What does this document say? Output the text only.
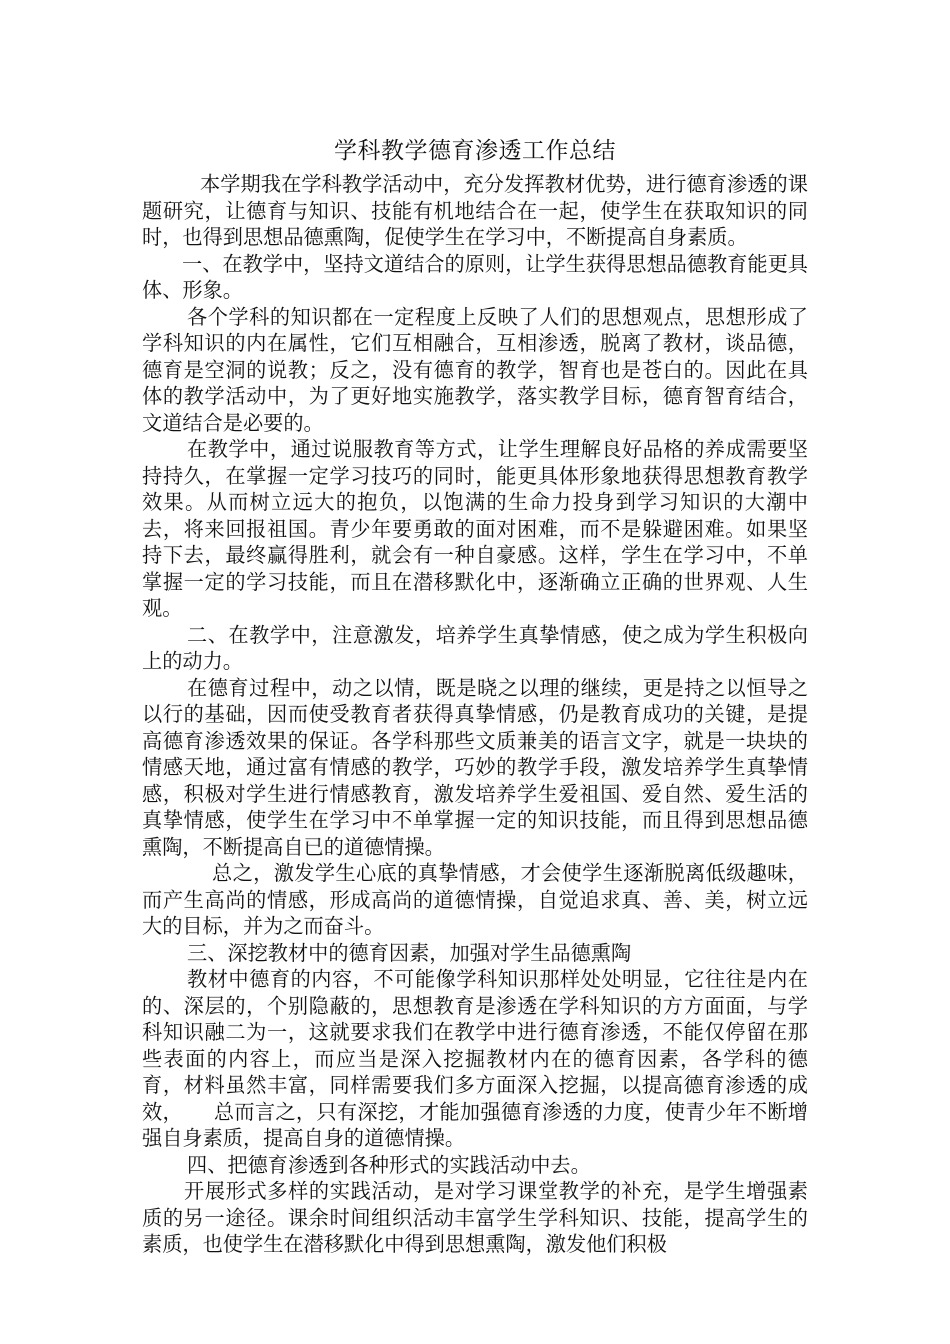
学科教学德育渗透工作总结

本学期我在学科教学活动中，充分发挥教材优势，进行德育渗透的课题研究，让德育与知识、技能有机地结合在一起，使学生在获取知识的同时，也得到思想品德熏陶，促使学生在学习中，不断提高自身素质。

一、在教学中，坚持文道结合的原则，让学生获得思想品德教育能更具体、形象。

各个学科的知识都在一定程度上反映了人们的思想观点，思想形成了学科知识的内在属性，它们互相融合，互相渗透，脱离了教材，谈品德，德育是空洞的说教；反之，没有德育的教学，智育也是苍白的。因此在具体的教学活动中，为了更好地实施教学，落实教学目标，德育智育结合，文道结合是必要的。

在教学中，通过说服教育等方式，让学生理解良好品格的养成需要坚持持久，在掌握一定学习技巧的同时，能更具体形象地获得思想教育教学效果。从而树立远大的抱负，以饱满的生命力投身到学习知识的大潮中去，将来回报祖国。青少年要勇敢的面对困难，而不是躲避困难。如果坚持下去，最终赢得胜利，就会有一种自豪感。这样，学生在学习中，不单掌握一定的学习技能，而且在潜移默化中，逐渐确立正确的世界观、人生观。

二、在教学中，注意激发，培养学生真挚情感，使之成为学生积极向上的动力。

在德育过程中，动之以情，既是晓之以理的继续，更是持之以恒导之以行的基础，因而使受教育者获得真挚情感，仍是教育成功的关键，是提高德育渗透效果的保证。各学科那些文质兼美的语言文字，就是一块块的情感天地，通过富有情感的教学，巧妙的教学手段，激发培养学生真挚情感，积极对学生进行情感教育，激发培养学生爱祖国、爱自然、爱生活的真挚情感，使学生在学习中不单掌握一定的知识技能，而且得到思想品德熏陶，不断提高自已的道德情操。

总之，激发学生心底的真挚情感，才会使学生逐渐脱离低级趣味，而产生高尚的情感，形成高尚的道德情操，自觉追求真、善、美，树立远大的目标，并为之而奋斗。

三、深挖教材中的德育因素，加强对学生品德熏陶

教材中德育的内容，不可能像学科知识那样处处明显，它往往是内在的、深层的，个别隐蔽的，思想教育是渗透在学科知识的方方面面，与学科知识融二为一，这就要求我们在教学中进行德育渗透，不能仅停留在那些表面的内容上，而应当是深入挖掘教材内在的德育因素，各学科的德育，材料虽然丰富，同样需要我们多方面深入挖掘，以提高德育渗透的成效，　　总而言之，只有深挖，才能加强德育渗透的力度，使青少年不断增强自身素质，提高自身的道德情操。

四、把德育渗透到各种形式的实践活动中去。

开展形式多样的实践活动，是对学习课堂教学的补充，是学生增强素质的另一途径。课余时间组织活动丰富学生学科知识、技能，提高学生的素质，也使学生在潜移默化中得到思想熏陶，激发他们积极
